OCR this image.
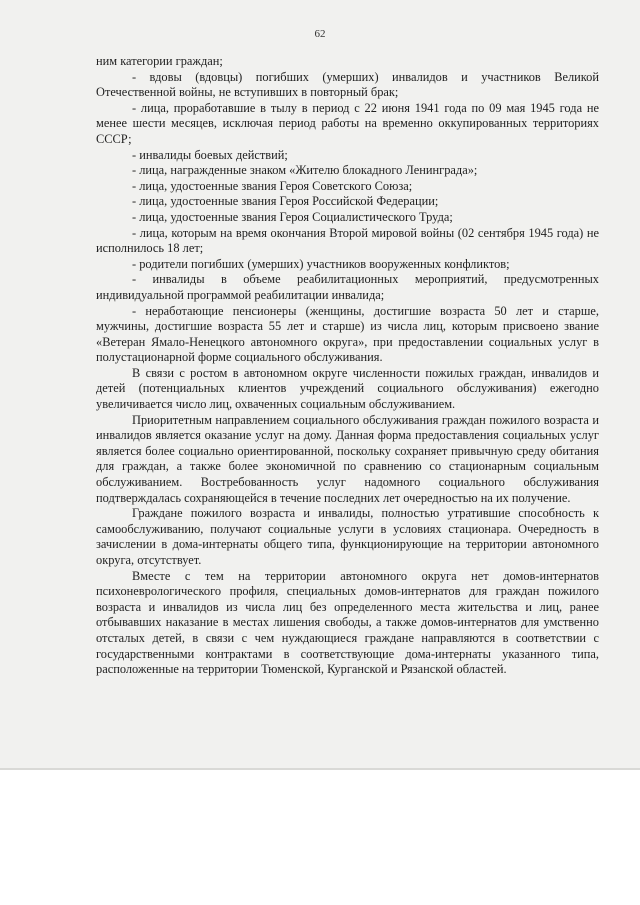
62

ним категории граждан;

- вдовы (вдовцы) погибших (умерших) инвалидов и участников Великой Отечественной войны, не вступивших в повторный брак;

- лица, проработавшие в тылу в период с 22 июня 1941 года по 09 мая 1945 года не менее шести месяцев, исключая период работы на временно оккупированных территориях СССР;

- инвалиды боевых действий;

- лица, награжденные знаком «Жителю блокадного Ленинграда»;

- лица, удостоенные звания Героя Советского Союза;

- лица, удостоенные звания Героя Российской Федерации;

- лица, удостоенные звания Героя Социалистического Труда;

- лица, которым на время окончания Второй мировой войны (02 сентября 1945 года) не исполнилось 18 лет;

- родители погибших (умерших) участников вооруженных конфликтов;

- инвалиды в объеме реабилитационных мероприятий, предусмотренных индивидуальной программой реабилитации инвалида;

- неработающие пенсионеры (женщины, достигшие возраста 50 лет и старше, мужчины, достигшие возраста 55 лет и старше) из числа лиц, которым присвоено звание «Ветеран Ямало-Ненецкого автономного округа», при предоставлении социальных услуг в полустационарной форме социального обслуживания.

В связи с ростом в автономном округе численности пожилых граждан, инвалидов и детей (потенциальных клиентов учреждений социального обслуживания) ежегодно увеличивается число лиц, охваченных социальным обслуживанием.

Приоритетным направлением социального обслуживания граждан пожилого возраста и инвалидов является оказание услуг на дому. Данная форма предоставления социальных услуг является более социально ориентированной, поскольку сохраняет привычную среду обитания для граждан, а также более экономичной по сравнению со стационарным социальным обслуживанием. Востребованность услуг надомного социального обслуживания подтверждалась сохраняющейся в течение последних лет очередностью на их получение.

Граждане пожилого возраста и инвалиды, полностью утратившие способность к самообслуживанию, получают социальные услуги в условиях стационара. Очередность в зачислении в дома-интернаты общего типа, функционирующие на территории автономного округа, отсутствует.

Вместе с тем на территории автономного округа нет домов-интернатов психоневрологического профиля, специальных домов-интернатов для граждан пожилого возраста и инвалидов из числа лиц без определенного места жительства и лиц, ранее отбывавших наказание в местах лишения свободы, а также домов-интернатов для умственно отсталых детей, в связи с чем нуждающиеся граждане направляются в соответствии с государственными контрактами в соответствующие дома-интернаты указанного типа, расположенные на территории Тюменской, Курганской и Рязанской областей.
